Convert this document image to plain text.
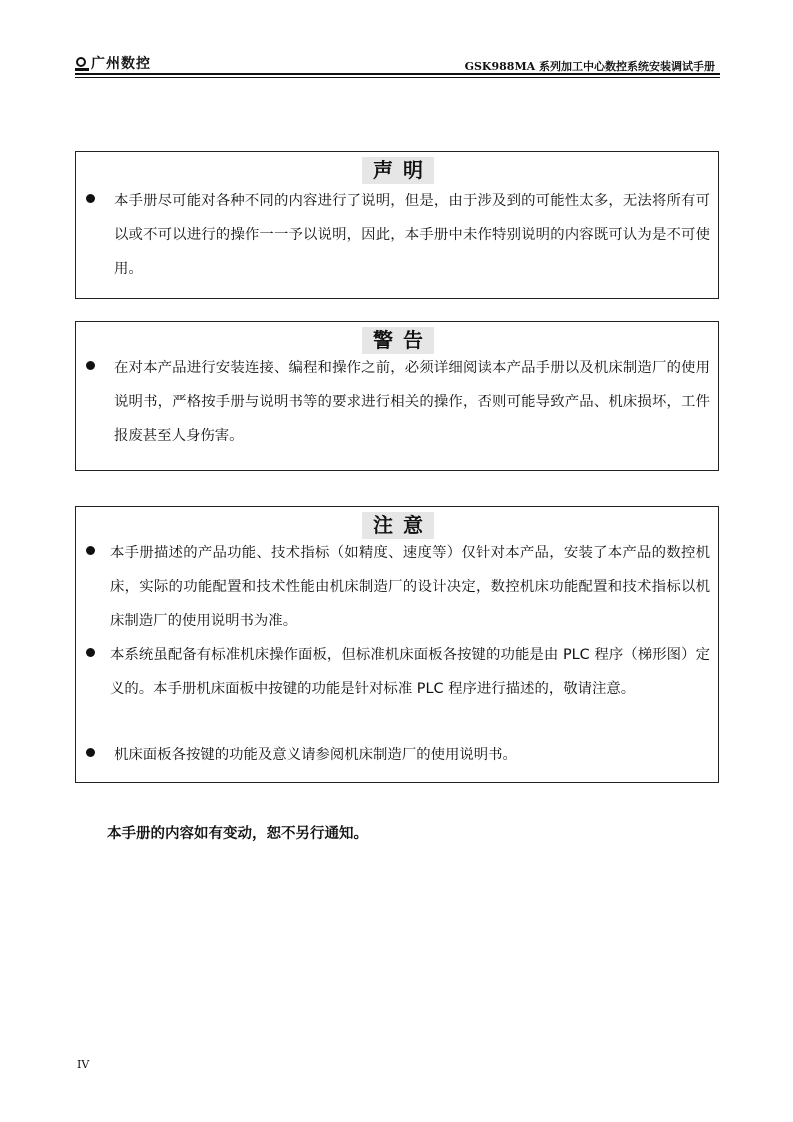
广州数控	GSK988MA 系列加工中心数控系统安装调试手册
声明
本手册尽可能对各种不同的内容进行了说明，但是，由于涉及到的可能性太多，无法将所有可以或不可以进行的操作一一予以说明，因此，本手册中未作特别说明的内容既可认为是不可使用。
警告
在对本产品进行安装连接、编程和操作之前，必须详细阅读本产品手册以及机床制造厂的使用说明书，严格按手册与说明书等的要求进行相关的操作，否则可能导致产品、机床损坏，工件报废甚至人身伤害。
注意
本手册描述的产品功能、技术指标（如精度、速度等）仅针对本产品，安装了本产品的数控机床，实际的功能配置和技术性能由机床制造厂的设计决定，数控机床功能配置和技术指标以机床制造厂的使用说明书为准。
本系统虽配备有标准机床操作面板，但标准机床面板各按键的功能是由 PLC 程序（梯形图）定义的。本手册机床面板中按键的功能是针对标准 PLC 程序进行描述的，敬请注意。
机床面板各按键的功能及意义请参阅机床制造厂的使用说明书。
本手册的内容如有变动，恕不另行通知。
IV
